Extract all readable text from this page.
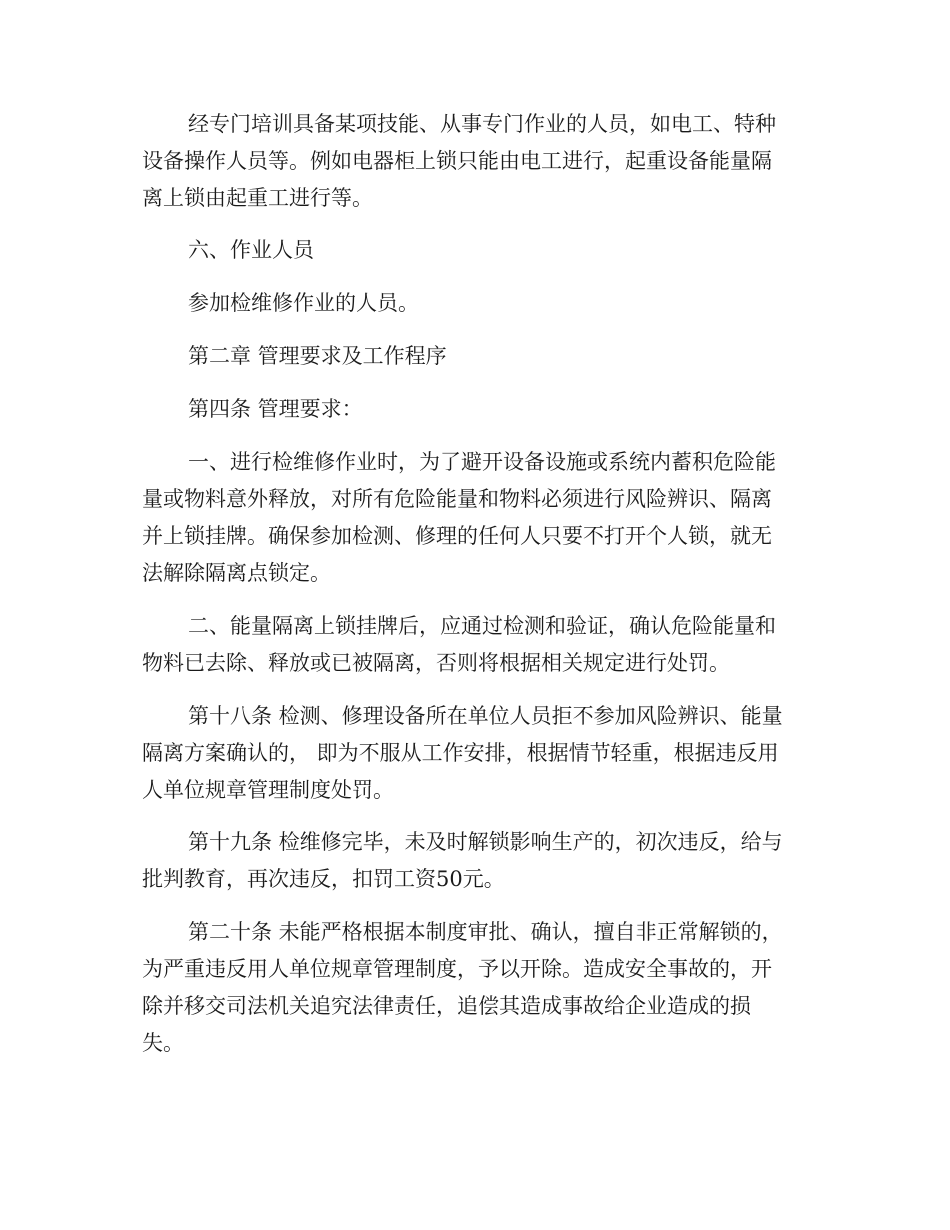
经专门培训具备某项技能、从事专门作业的人员，如电工、特种
设备操作人员等。例如电器柜上锁只能由电工进行，起重设备能量隔
离上锁由起重工进行等。

六、作业人员

参加检维修作业的人员。

第二章 管理要求及工作程序

第四条 管理要求：

一、进行检维修作业时，为了避开设备设施或系统内蓄积危险能
量或物料意外释放，对所有危险能量和物料必须进行风险辨识、隔离
并上锁挂牌。确保参加检测、修理的任何人只要不打开个人锁，就无
法解除隔离点锁定。

二、能量隔离上锁挂牌后，应通过检测和验证，确认危险能量和
物料已去除、释放或已被隔离，否则将根据相关规定进行处罚。

第十八条 检测、修理设备所在单位人员拒不参加风险辨识、能量
隔离方案确认的， 即为不服从工作安排，根据情节轻重，根据违反用
人单位规章管理制度处罚。

第十九条 检维修完毕，未及时解锁影响生产的，初次违反，给与
批判教育，再次违反，扣罚工资50元。

第二十条 未能严格根据本制度审批、确认，擅自非正常解锁的，
为严重违反用人单位规章管理制度，予以开除。造成安全事故的，开
除并移交司法机关追究法律责任，追偿其造成事故给企业造成的损
失。
